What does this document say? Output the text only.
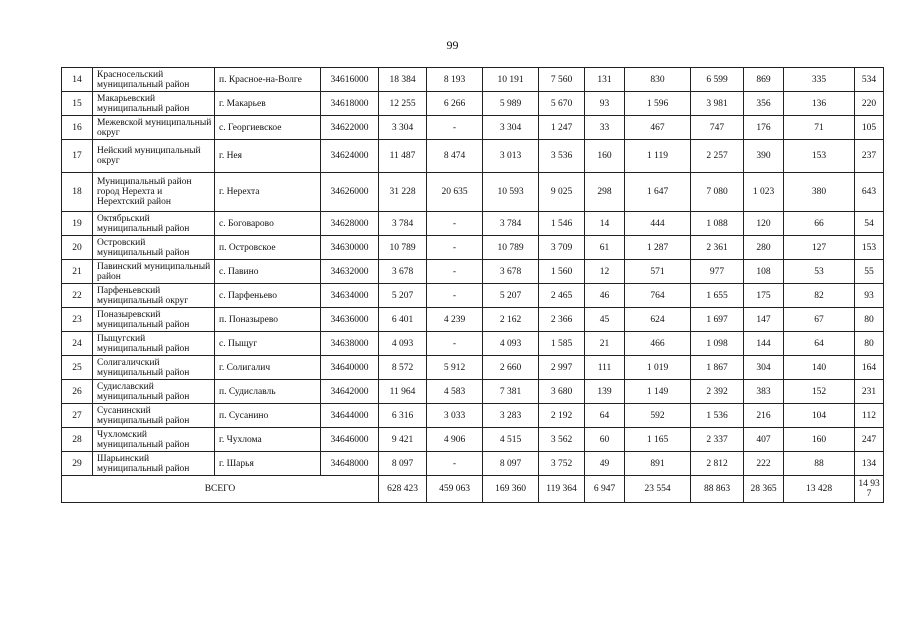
99
14	Красносельский муниципальный район	п. Красное-на-Волге	34616000	18 384	8 193	10 191	7 560	131	830	6 599	869	335	534
15	Макарьевский муниципальный район	г. Макарьев	34618000	12 255	6 266	5 989	5 670	93	1 596	3 981	356	136	220
16	Межевской муниципальный округ	с. Георгиевское	34622000	3 304	-	3 304	1 247	33	467	747	176	71	105
17	Нейский муниципальный округ	г. Нея	34624000	11 487	8 474	3 013	3 536	160	1 119	2 257	390	153	237
18	Муниципальный район город Нерехта и Нерехтский район	г. Нерехта	34626000	31 228	20 635	10 593	9 025	298	1 647	7 080	1 023	380	643
19	Октябрьский муниципальный район	с. Боговарово	34628000	3 784	-	3 784	1 546	14	444	1 088	120	66	54
20	Островский муниципальный район	п. Островское	34630000	10 789	-	10 789	3 709	61	1 287	2 361	280	127	153
21	Павинский муниципальный район	с. Павино	34632000	3 678	-	3 678	1 560	12	571	977	108	53	55
22	Парфеньевский муниципальный округ	с. Парфеньево	34634000	5 207	-	5 207	2 465	46	764	1 655	175	82	93
23	Поназыревский муниципальный район	п. Поназырево	34636000	6 401	4 239	2 162	2 366	45	624	1 697	147	67	80
24	Пыщугский муниципальный район	с. Пыщуг	34638000	4 093	-	4 093	1 585	21	466	1 098	144	64	80
25	Солигаличский муниципальный район	г. Солигалич	34640000	8 572	5 912	2 660	2 997	111	1 019	1 867	304	140	164
26	Судиславский муниципальный район	п. Судиславль	34642000	11 964	4 583	7 381	3 680	139	1 149	2 392	383	152	231
27	Сусанинский муниципальный район	п. Сусанино	34644000	6 316	3 033	3 283	2 192	64	592	1 536	216	104	112
28	Чухломский муниципальный район	г. Чухлома	34646000	9 421	4 906	4 515	3 562	60	1 165	2 337	407	160	247
29	Шарьинский муниципальный район	г. Шарья	34648000	8 097	-	8 097	3 752	49	891	2 812	222	88	134
ВСЕГО				628 423	459 063	169 360	119 364	6 947	23 554	88 863	28 365	13 428	14 937
